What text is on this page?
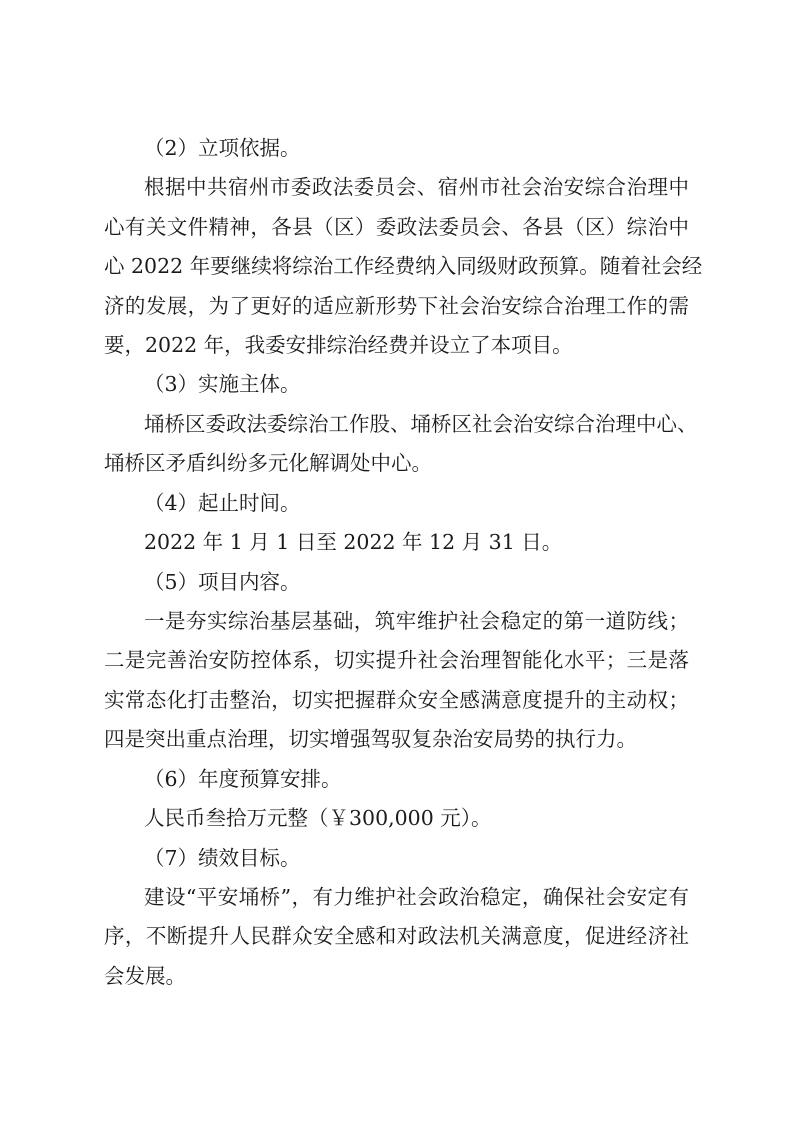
（2）立项依据。
根据中共宿州市委政法委员会、宿州市社会治安综合治理中
心有关文件精神，各县（区）委政法委员会、各县（区）综治中
心 2022 年要继续将综治工作经费纳入同级财政预算。随着社会经
济的发展，为了更好的适应新形势下社会治安综合治理工作的需
要，2022 年，我委安排综治经费并设立了本项目。
（3）实施主体。
埇桥区委政法委综治工作股、埇桥区社会治安综合治理中心、
埇桥区矛盾纠纷多元化解调处中心。
（4）起止时间。
2022 年 1 月 1 日至 2022 年 12 月 31 日。
（5）项目内容。
一是夯实综治基层基础，筑牢维护社会稳定的第一道防线；
二是完善治安防控体系，切实提升社会治理智能化水平；三是落
实常态化打击整治，切实把握群众安全感满意度提升的主动权；
四是突出重点治理，切实增强驾驭复杂治安局势的执行力。
（6）年度预算安排。
人民币叁拾万元整（￥300,000 元）。
（7）绩效目标。
建设“平安埇桥”，有力维护社会政治稳定，确保社会安定有
序，不断提升人民群众安全感和对政法机关满意度，促进经济社
会发展。
